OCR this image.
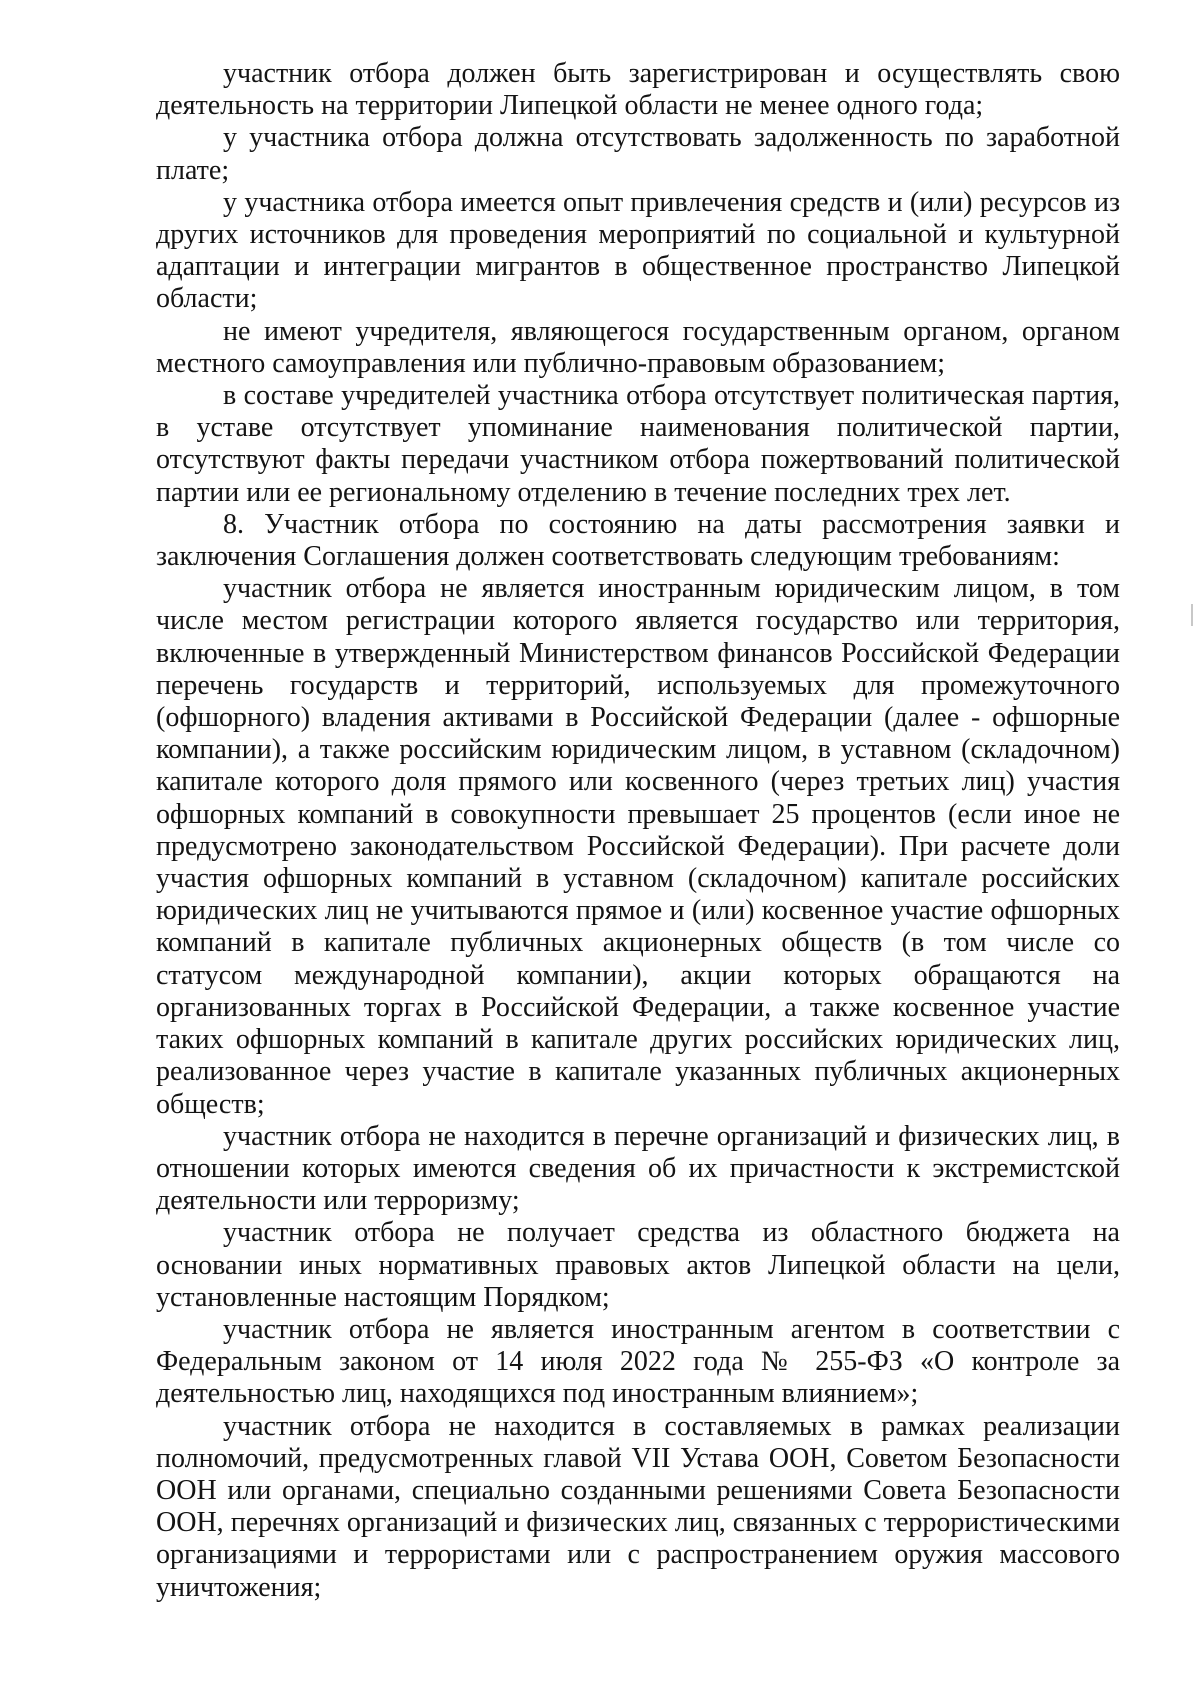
участник отбора должен быть зарегистрирован и осуществлять свою деятельность на территории Липецкой области не менее одного года;

у участника отбора должна отсутствовать задолженность по заработной плате;

у участника отбора имеется опыт привлечения средств и (или) ресурсов из других источников для проведения мероприятий по социальной и культурной адаптации и интеграции мигрантов в общественное пространство Липецкой области;

не имеют учредителя, являющегося государственным органом, органом местного самоуправления или публично-правовым образованием;

в составе учредителей участника отбора отсутствует политическая партия, в уставе отсутствует упоминание наименования политической партии, отсутствуют факты передачи участником отбора пожертвований политической партии или ее региональному отделению в течение последних трех лет.

8. Участник отбора по состоянию на даты рассмотрения заявки и заключения Соглашения должен соответствовать следующим требованиям:

участник отбора не является иностранным юридическим лицом, в том числе местом регистрации которого является государство или территория, включенные в утвержденный Министерством финансов Российской Федерации перечень государств и территорий, используемых для промежуточного (офшорного) владения активами в Российской Федерации (далее - офшорные компании), а также российским юридическим лицом, в уставном (складочном) капитале которого доля прямого или косвенного (через третьих лиц) участия офшорных компаний в совокупности превышает 25 процентов (если иное не предусмотрено законодательством Российской Федерации). При расчете доли участия офшорных компаний в уставном (складочном) капитале российских юридических лиц не учитываются прямое и (или) косвенное участие офшорных компаний в капитале публичных акционерных обществ (в том числе со статусом международной компании), акции которых обращаются на организованных торгах в Российской Федерации, а также косвенное участие таких офшорных компаний в капитале других российских юридических лиц, реализованное через участие в капитале указанных публичных акционерных обществ;

участник отбора не находится в перечне организаций и физических лиц, в отношении которых имеются сведения об их причастности к экстремистской деятельности или терроризму;

участник отбора не получает средства из областного бюджета на основании иных нормативных правовых актов Липецкой области на цели, установленные настоящим Порядком;

участник отбора не является иностранным агентом в соответствии с Федеральным законом от 14 июля 2022 года № 255-ФЗ «О контроле за деятельностью лиц, находящихся под иностранным влиянием»;

участник отбора не находится в составляемых в рамках реализации полномочий, предусмотренных главой VII Устава ООН, Советом Безопасности ООН или органами, специально созданными решениями Совета Безопасности ООН, перечнях организаций и физических лиц, связанных с террористическими организациями и террористами или с распространением оружия массового уничтожения;
